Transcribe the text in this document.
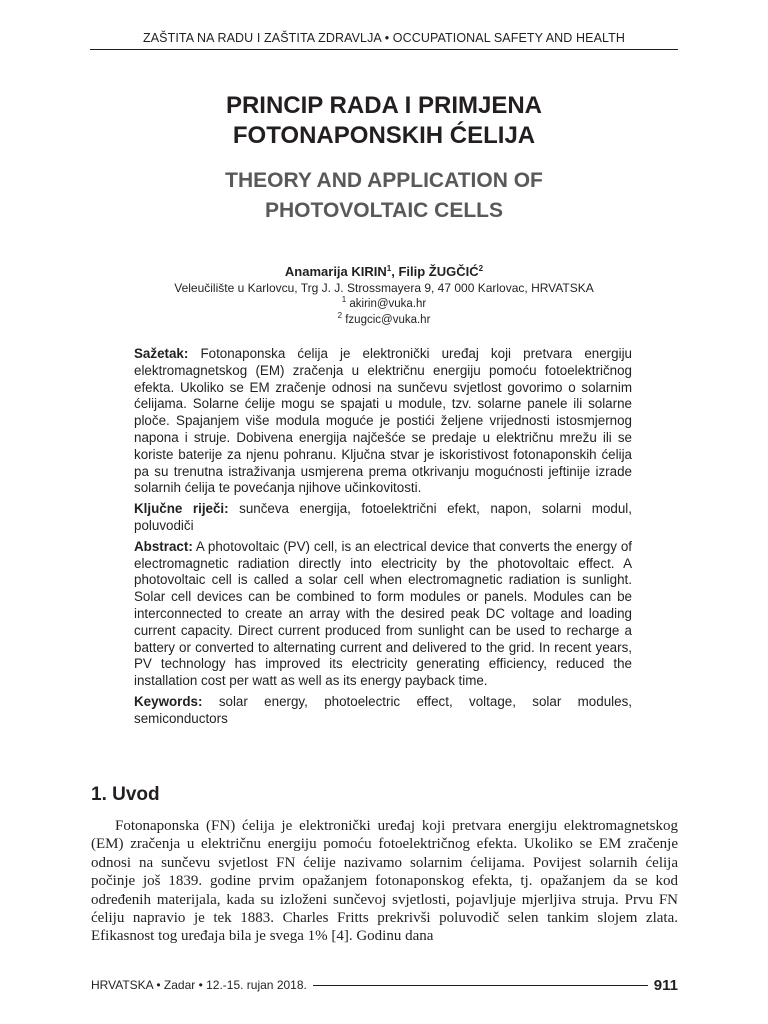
ZAŠTITA NA RADU I ZAŠTITA ZDRAVLJA • OCCUPATIONAL SAFETY AND HEALTH
PRINCIP RADA I PRIMJENA
FOTONAPONSKIH ĆELIJA
THEORY AND APPLICATION OF
PHOTOVOLTAIC CELLS
Anamarija KIRIN$^1$, Filip ŽUGČIĆ$^2$
Veleučilište u Karlovcu, Trg J. J. Strossmayera 9, 47 000 Karlovac, HRVATSKA
$^1$ akirin@vuka.hr
$^2$ fzugcic@vuka.hr

Sažetak: Fotonaponska ćelija je elektronički uređaj koji pretvara energiju elektromagnetskog (EM) zračenja u električnu energiju pomoću fotoelektričnog efekta. Ukoliko se EM zračenje odnosi na sunčevu svjetlost govorimo o solarnim ćelijama. Solarne ćelije mogu se spajati u module, tzv. solarne panele ili solarne ploče. Spajanjem više modula moguće je postići željene vrijednosti istosmjernog napona i struje. Dobivena energija najčešće se predaje u električnu mrežu ili se koriste baterije za njenu pohranu. Ključna stvar je iskoristivost fotonaponskih ćelija pa su trenutna istraživanja usmjerena prema otkrivanju mogućnosti jeftinije izrade solarnih ćelija te povećanja njihove učinkovitosti.

Ključne riječi: sunčeva energija, fotoelektrični efekt, napon, solarni modul, poluvodiči

Abstract: A photovoltaic (PV) cell, is an electrical device that converts the energy of electromagnetic radiation directly into electricity by the photovoltaic effect. A photovoltaic cell is called a solar cell when electromagnetic radiation is sunlight. Solar cell devices can be combined to form modules or panels. Modules can be interconnected to create an array with the desired peak DC voltage and loading current capacity. Direct current produced from sunlight can be used to recharge a battery or converted to alternating current and delivered to the grid. In recent years, PV technology has improved its electricity generating efficiency, reduced the installation cost per watt as well as its energy payback time.

Keywords: solar energy, photoelectric effect, voltage, solar modules, semiconductors

1. Uvod

Fotonaponska (FN) ćelija je elektronički uređaj koji pretvara energiju elektromagnetskog (EM) zračenja u električnu energiju pomoću fotoelektričnog efekta. Ukoliko se EM zračenje odnosi na sunčevu svjetlost FN ćelije nazivamo solarnim ćelijama. Povijest solarnih ćelija počinje još 1839. godine prvim opažanjem fotonaponskog efekta, tj. opažanjem da se kod određenih materijala, kada su izloženi sunčevoj svjetlosti, pojavljuje mjerljiva struja. Prvu FN ćeliju napravio je tek 1883. Charles Fritts prekrivši poluvodič selen tankim slojem zlata. Efikasnost tog uređaja bila je svega 1% [4]. Godinu dana

HRVATSKA • Zadar • 12.-15. rujan 2018.	911
